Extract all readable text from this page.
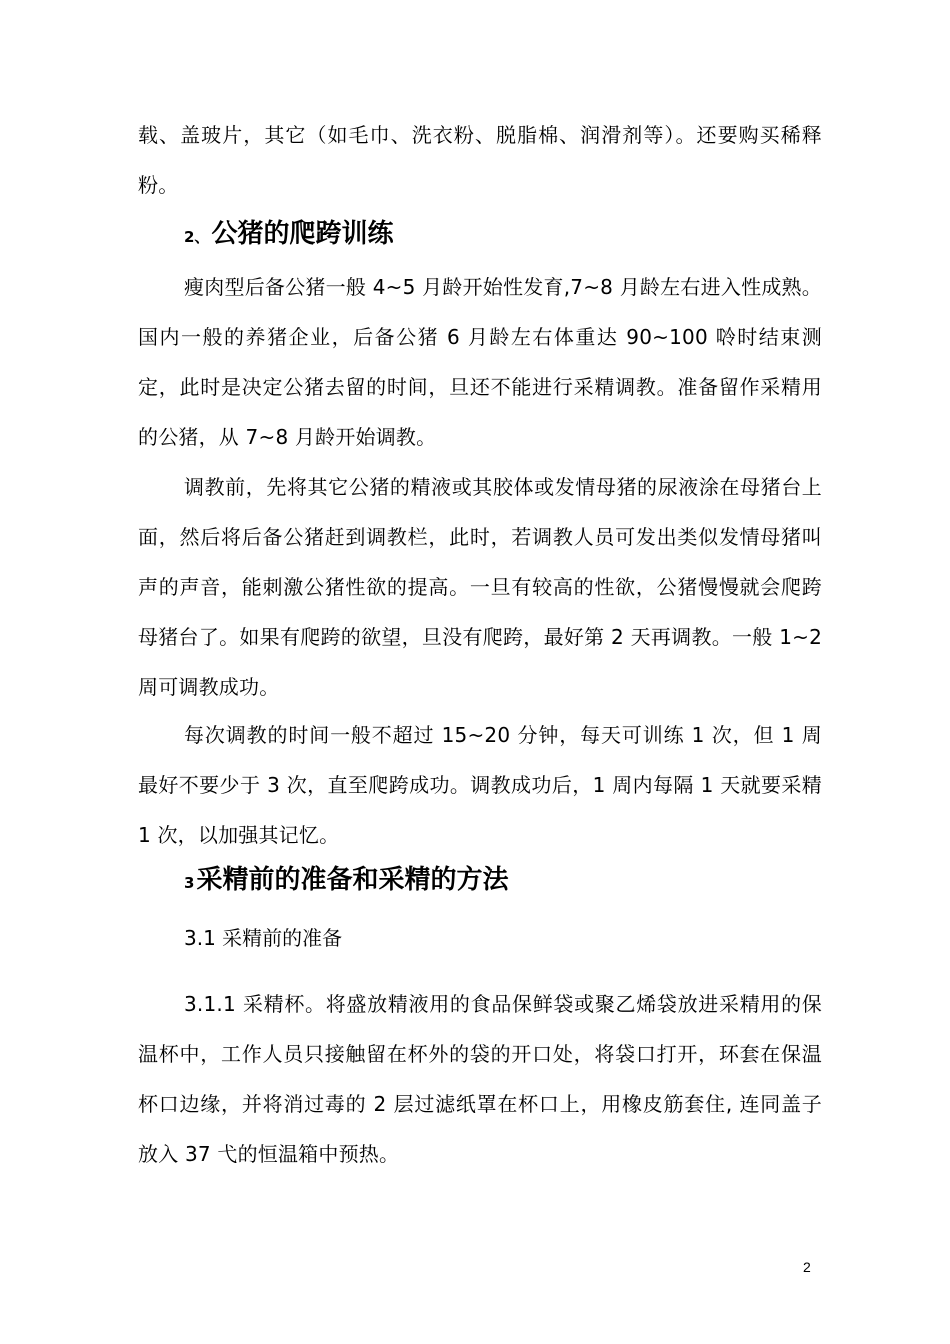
载、盖玻片，其它（如毛巾、洗衣粉、脱脂棉、润滑剂等）。还要购买稀释粉。

2、公猪的爬跨训练

瘦肉型后备公猪一般 4~5 月龄开始性发育,7~8 月龄左右进入性成熟。国内一般的养猪企业，后备公猪 6 月龄左右体重达 90~100 唥时结束测定，此时是决定公猪去留的时间，旦还不能进行采精调教。准备留作采精用的公猪，从 7~8 月龄开始调教。

调教前，先将其它公猪的精液或其胶体或发情母猪的尿液涂在母猪台上面，然后将后备公猪赶到调教栏，此时，若调教人员可发出类似发情母猪叫声的声音，能刺激公猪性欲的提高。一旦有较高的性欲，公猪慢慢就会爬跨母猪台了。如果有爬跨的欲望，旦没有爬跨，最好第 2 天再调教。一般 1~2 周可调教成功。

每次调教的时间一般不超过 15~20 分钟，每天可训练 1 次，但 1 周最好不要少于 3 次，直至爬跨成功。调教成功后，1 周内每隔 1 天就要采精 1 次，以加强其记忆。

3采精前的准备和采精的方法

3.1 采精前的准备

3.1.1 采精杯。将盛放精液用的食品保鲜袋或聚乙烯袋放进采精用的保温杯中，工作人员只接触留在杯外的袋的开口处，将袋口打开，环套在保温杯口边缘，并将消过毒的 2 层过滤纸罩在杯口上，用橡皮筋套住, 连同盖子放入 37 弋的恒温箱中预热。

2
